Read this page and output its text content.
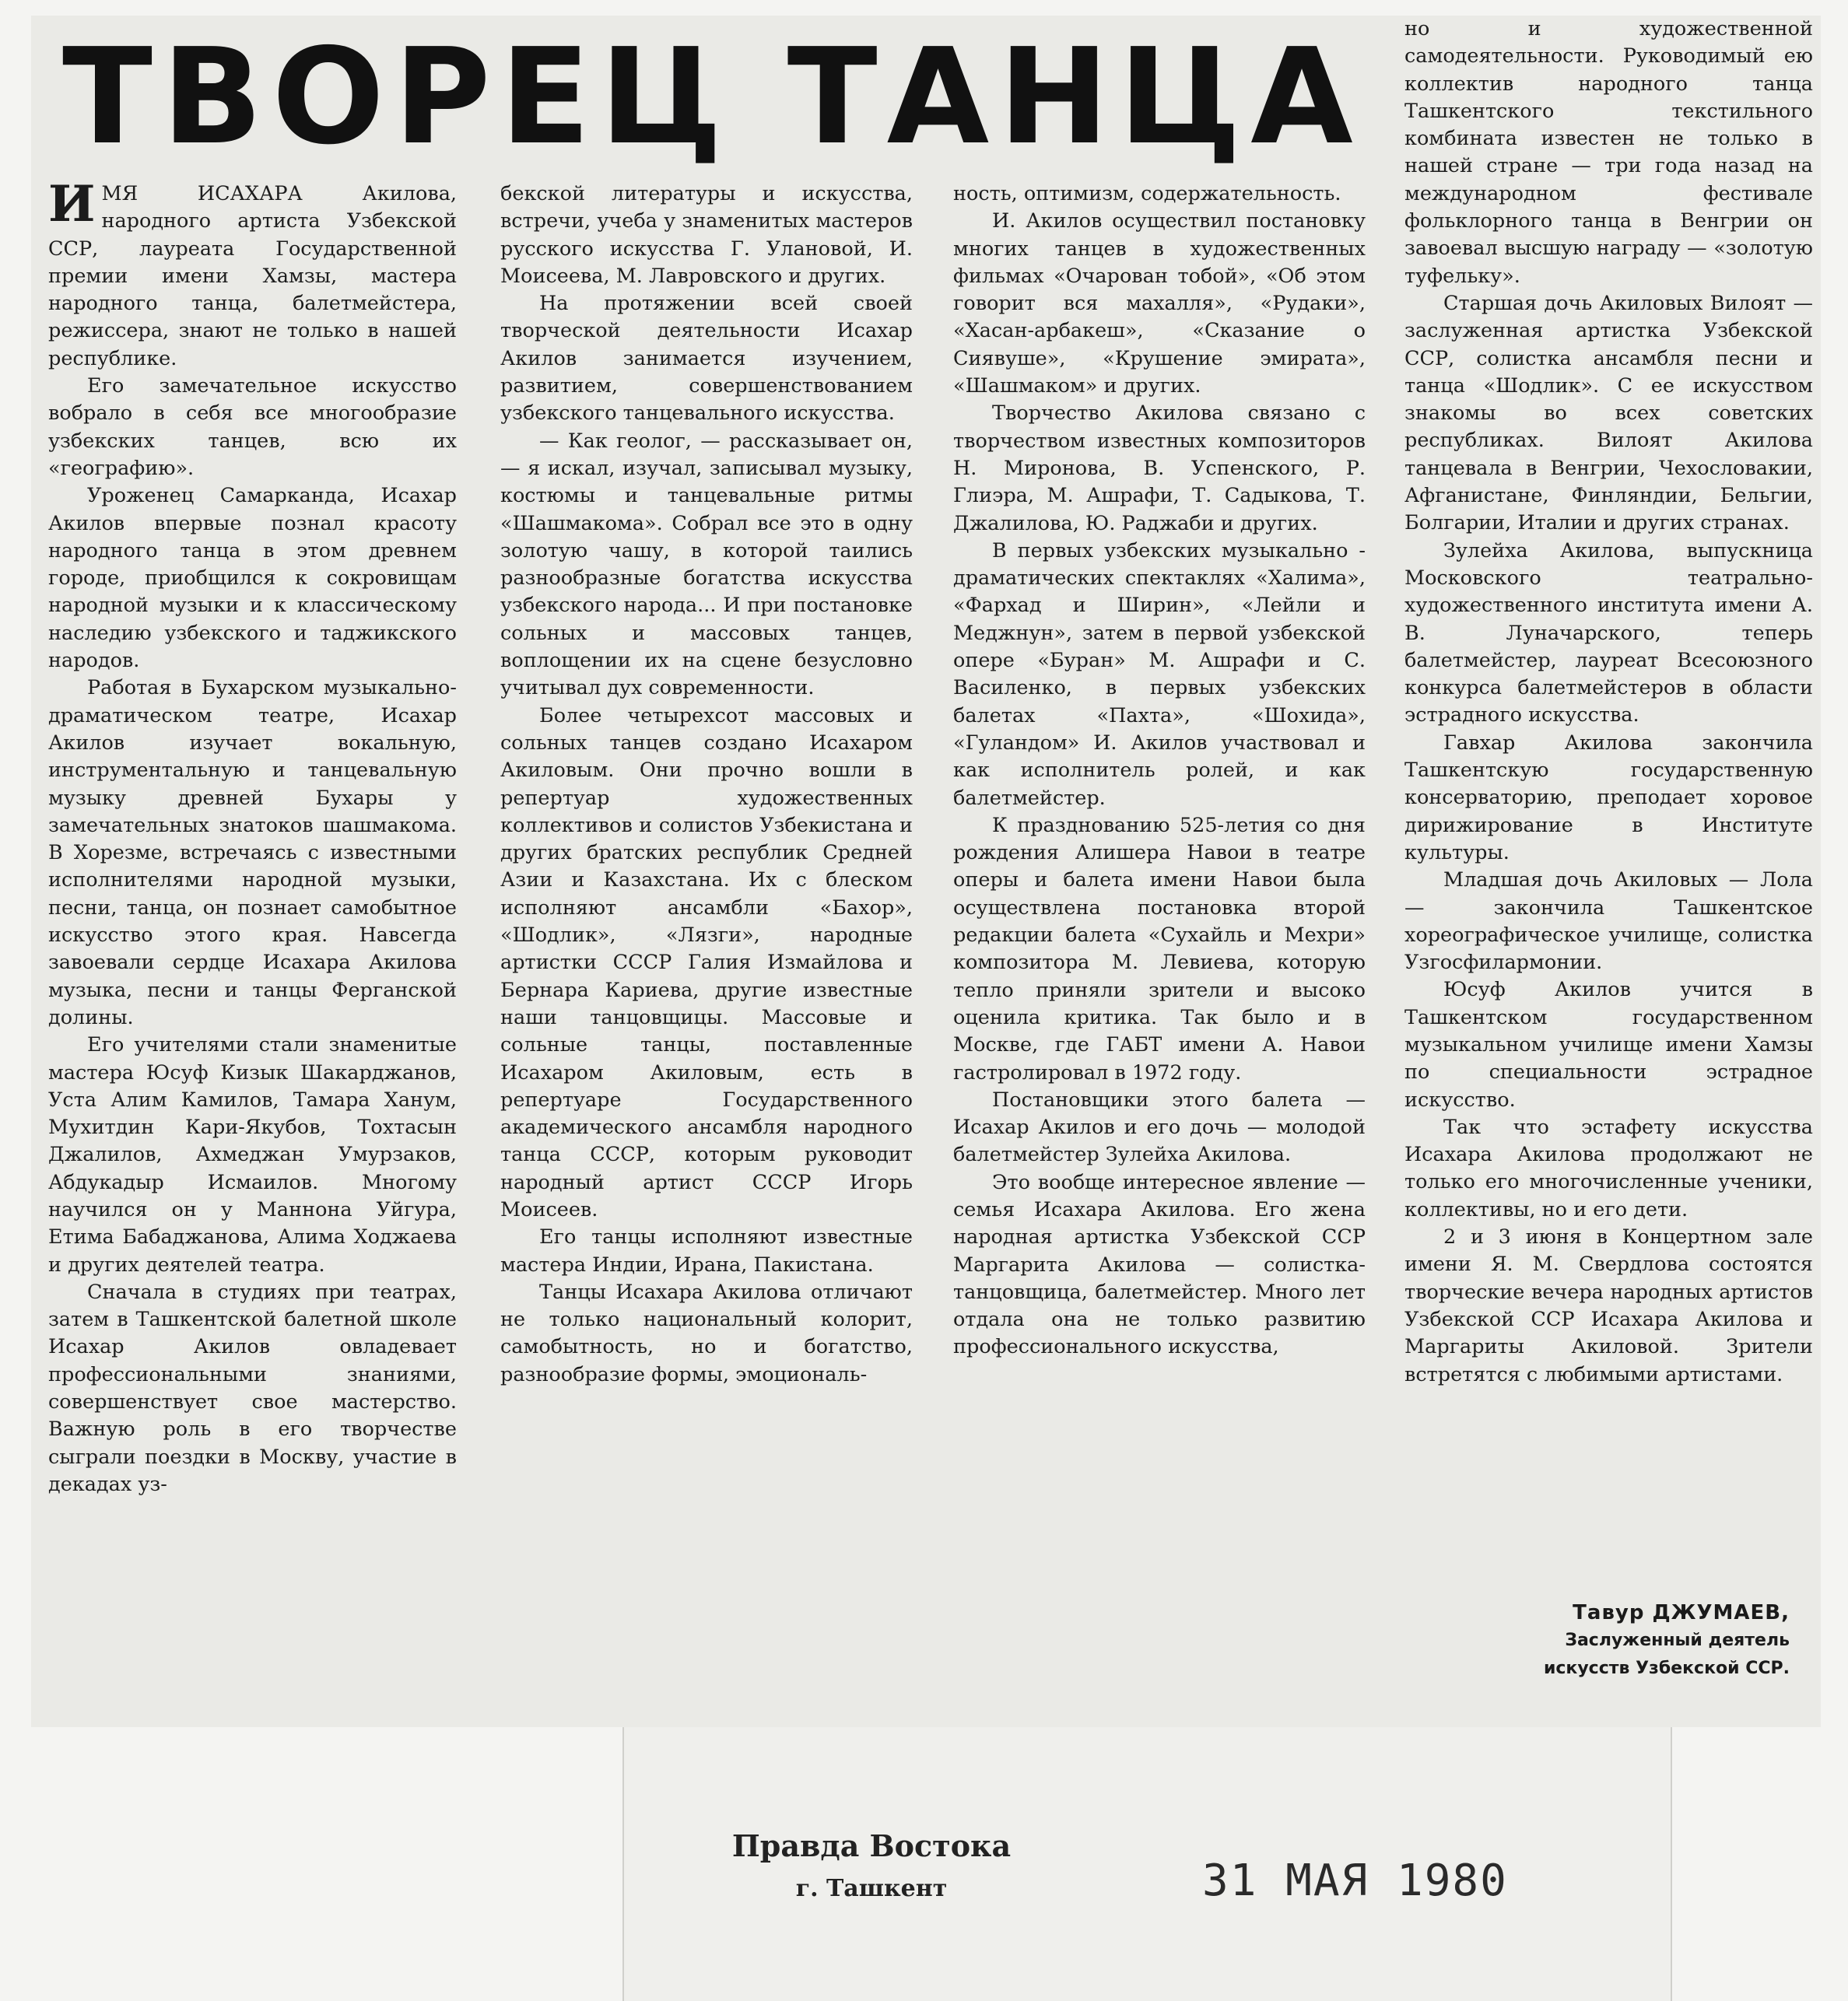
ТВОРЕЦ ТАНЦА

ИМЯ ИСАХАРА Акилова, народного артиста Узбекской ССР, лауреата Государственной премии имени Хамзы, мастера народного танца, балетмейстера, режиссера, знают не только в нашей республике.

Его замечательное искусство вобрало в себя все многообразие узбекских танцев, всю их «географию».

Уроженец Самарканда, Исахар Акилов впервые познал красоту народного танца в этом древнем городе, приобщился к сокровищам народной музыки и к классическому наследию узбекского и таджикского народов.

Работая в Бухарском музыкально-драматическом театре, Исахар Акилов изучает вокальную, инструментальную и танцевальную музыку древней Бухары у замечательных знатоков шашмакома. В Хорезме, встречаясь с известными исполнителями народной музыки, песни, танца, он познает самобытное искусство этого края. Навсегда завоевали сердце Исахара Акилова музыка, песни и танцы Ферганской долины.

Его учителями стали знаменитые мастера Юсуф Кизык Шакарджанов, Уста Алим Камилов, Тамара Ханум, Мухитдин Кари-Якубов, Тохтасын Джалилов, Ахмеджан Умурзаков, Абдукадыр Исмаилов. Многому научился он у Маннона Уйгура, Етима Бабаджанова, Алима Ходжаева и других деятелей театра.

Сначала в студиях при театрах, затем в Ташкентской балетной школе Исахар Акилов овладевает профессиональными знаниями, совершенствует свое мастерство. Важную роль в его творчестве сыграли поездки в Москву, участие в декадах уз-

бекской литературы и искусства, встречи, учеба у знаменитых мастеров русского искусства Г. Улановой, И. Моисеева, М. Лавровского и других.

На протяжении всей своей творческой деятельности Исахар Акилов занимается изучением, развитием, совершенствованием узбекского танцевального искусства.

— Как геолог, — рассказывает он, — я искал, изучал, записывал музыку, костюмы и танцевальные ритмы «Шашмакома». Собрал все это в одну золотую чашу, в которой таились разнообразные богатства искусства узбекского народа... И при постановке сольных и массовых танцев, воплощении их на сцене безусловно учитывал дух современности.

Более четырехсот массовых и сольных танцев создано Исахаром Акиловым. Они прочно вошли в репертуар художественных коллективов и солистов Узбекистана и других братских республик Средней Азии и Казахстана. Их с блеском исполняют ансамбли «Бахор», «Шодлик», «Лязги», народные артистки СССР Галия Измайлова и Бернара Кариева, другие известные наши танцовщицы. Массовые и сольные танцы, поставленные Исахаром Акиловым, есть в репертуаре Государственного академического ансамбля народного танца СССР, которым руководит народный артист СССР Игорь Моисеев.

Его танцы исполняют известные мастера Индии, Ирана, Пакистана.

Танцы Исахара Акилова отличают не только национальный колорит, самобытность, но и богатство, разнообразие формы, эмоциональ-

ность, оптимизм, содержательность.

И. Акилов осуществил постановку многих танцев в художественных фильмах «Очарован тобой», «Об этом говорит вся махалля», «Рудаки», «Хасан-арбакеш», «Сказание о Сиявуше», «Крушение эмирата», «Шашмаком» и других.

Творчество Акилова связано с творчеством известных композиторов Н. Миронова, В. Успенского, Р. Глиэра, М. Ашрафи, Т. Садыкова, Т. Джалилова, Ю. Раджаби и других.

В первых узбекских музыкально - драматических спектаклях «Халима», «Фархад и Ширин», «Лейли и Меджнун», затем в первой узбекской опере «Буран» М. Ашрафи и С. Василенко, в первых узбекских балетах «Пахта», «Шохида», «Гуландом» И. Акилов участвовал и как исполнитель ролей, и как балетмейстер.

К празднованию 525-летия со дня рождения Алишера Навои в театре оперы и балета имени Навои была осуществлена постановка второй редакции балета «Сухайль и Мехри» композитора М. Левиева, которую тепло приняли зрители и высоко оценила критика. Так было и в Москве, где ГАБТ имени А. Навои гастролировал в 1972 году.

Постановщики этого балета — Исахар Акилов и его дочь — молодой балетмейстер Зулейха Акилова.

Это вообще интересное явление — семья Исахара Акилова. Его жена народная артистка Узбекской ССР Маргарита Акилова — солистка-танцовщица, балетмейстер. Много лет отдала она не только развитию профессионального искусства,

но и художественной самодеятельности. Руководимый ею коллектив народного танца Ташкентского текстильного комбината известен не только в нашей стране — три года назад на международном фестивале фольклорного танца в Венгрии он завоевал высшую награду — «золотую туфельку».

Старшая дочь Акиловых Вилоят — заслуженная артистка Узбекской ССР, солистка ансамбля песни и танца «Шодлик». С ее искусством знакомы во всех советских республиках. Вилоят Акилова танцевала в Венгрии, Чехословакии, Афганистане, Финляндии, Бельгии, Болгарии, Италии и других странах.

Зулейха Акилова, выпускница Московского театрально-художественного института имени А. В. Луначарского, теперь балетмейстер, лауреат Всесоюзного конкурса балетмейстеров в области эстрадного искусства.

Гавхар Акилова закончила Ташкентскую государственную консерваторию, преподает хоровое дирижирование в Институте культуры.

Младшая дочь Акиловых — Лола — закончила Ташкентское хореографическое училище, солистка Узгосфилармонии.

Юсуф Акилов учится в Ташкентском государственном музыкальном училище имени Хамзы по специальности эстрадное искусство.

Так что эстафету искусства Исахара Акилова продолжают не только его многочисленные ученики, коллективы, но и его дети.

2 и 3 июня в Концертном зале имени Я. М. Свердлова состоятся творческие вечера народных артистов Узбекской ССР Исахара Акилова и Маргариты Акиловой. Зрители встретятся с любимыми артистами.

Тавур ДЖУМАЕВ,
Заслуженный деятель
искусств Узбекской ССР.
Правда Востока
г. Ташкент	31 МАЯ 1980
